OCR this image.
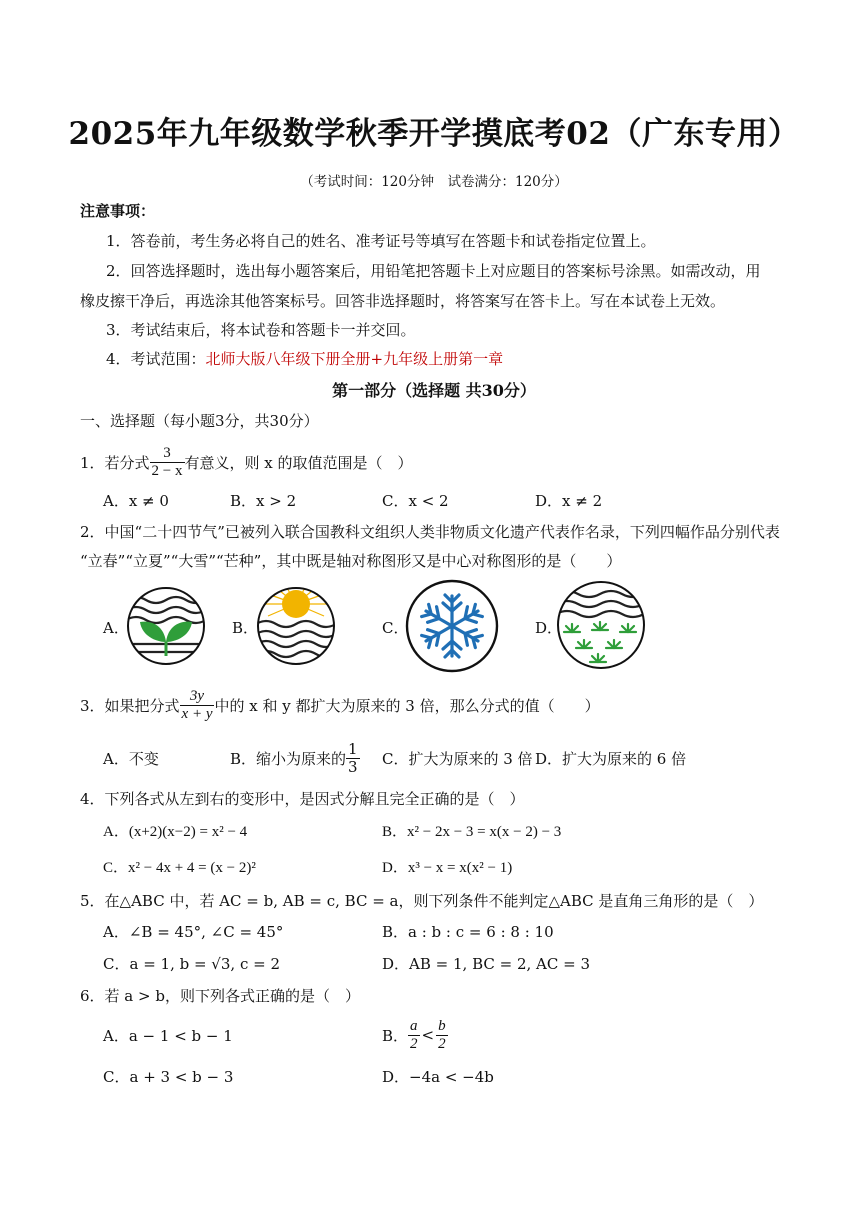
2025年九年级数学秋季开学摸底考02（广东专用）
（考试时间：120分钟　试卷满分：120分）
注意事项：
1．答卷前，考生务必将自己的姓名、准考证号等填写在答题卡和试卷指定位置上。
2．回答选择题时，选出每小题答案后，用铅笔把答题卡上对应题目的答案标号涂黑。如需改动，用
橡皮擦干净后，再选涂其他答案标号。回答非选择题时，将答案写在答卡上。写在本试卷上无效。
3．考试结束后，将本试卷和答题卡一并交回。
4．考试范围：北师大版八年级下册全册+九年级上册第一章
第一部分（选择题 共30分）
一、选择题（每小题3分，共30分）
1．若分式 $\frac{3}{2 - x}$ 有意义，则 x 的取值范围是（　）
A．x ≠ 0	B．x > 2	C．x < 2	D．x ≠ 2
2．中国“二十四节气”已被列入联合国教科文组织人类非物质文化遗产代表作名录，下列四幅作品分别代表
“立春”“立夏”“大雪”“芒种”，其中既是轴对称图形又是中心对称图形的是（　　）
A．	B．	C．	D．
3．如果把分式 $\frac{3y}{x + y}$ 中的 x 和 y 都扩大为原来的 3 倍，那么分式的值（　　）
A．不变	B．缩小为原来的 $\frac{1}{3}$ C．扩大为原来的 3 倍 D．扩大为原来的 6 倍
4．下列各式从左到右的变形中，是因式分解且完全正确的是（　）
A．(x+2)(x−2) = x² − 4	B．x² − 2x − 3 = x(x − 2) − 3
C．x² − 4x + 4 = (x − 2)²	D．x³ − x = x(x² − 1)
5．在△ABC 中，若 AC = b, AB = c, BC = a，则下列条件不能判定△ABC 是直角三角形的是（　）
A．∠B = 45°, ∠C = 45°	B．a : b : c = 6 : 8 : 10
C．a = 1, b = √3, c = 2	D．AB = 1, BC = 2, AC = 3
6．若 a > b，则下列各式正确的是（　）
A．a − 1 < b − 1	B． $\frac{a}{2} < \frac{b}{2}$
C．a + 3 < b − 3	D．−4a < −4b
